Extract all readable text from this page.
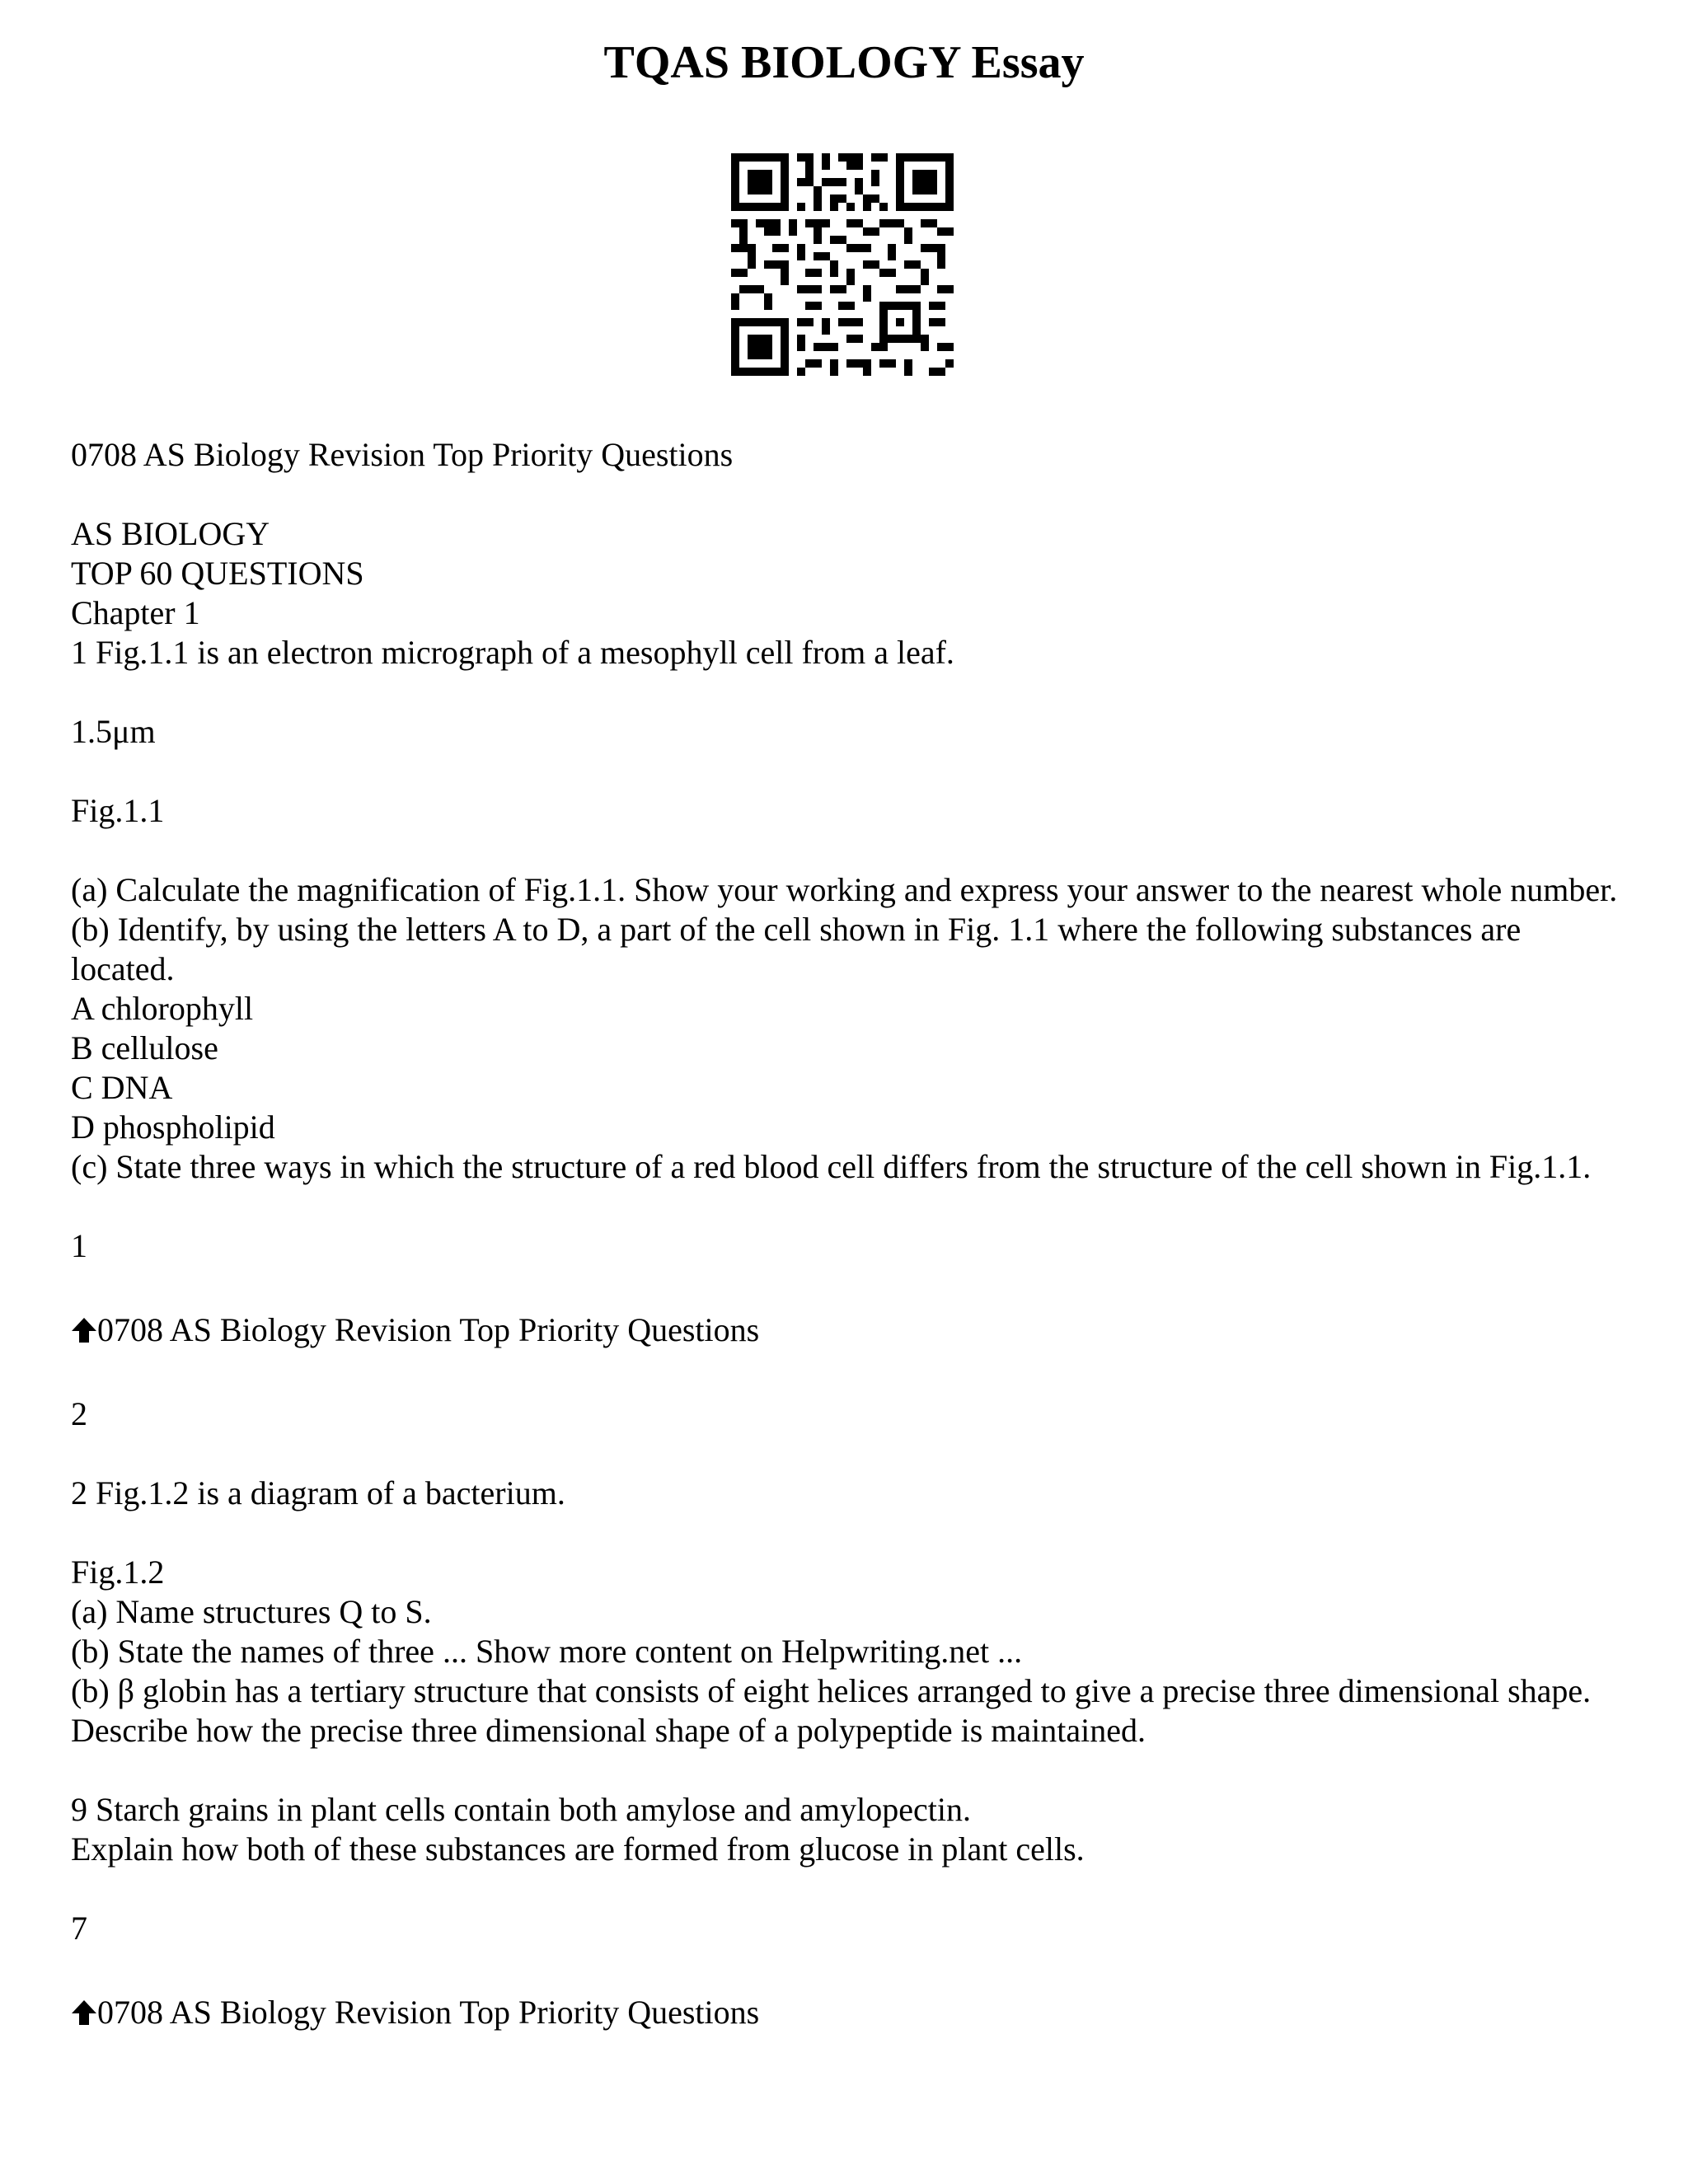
TQAS BIOLOGY Essay
0708 AS Biology Revision Top Priority Questions
AS BIOLOGY
TOP 60 QUESTIONS
Chapter 1
1 Fig.1.1 is an electron micrograph of a mesophyll cell from a leaf.
1.5μm
Fig.1.1
(a) Calculate the magnification of Fig.1.1. Show your working and express your answer to the nearest whole number.
(b) Identify, by using the letters A to D, a part of the cell shown in Fig. 1.1 where the following substances are located.
A chlorophyll
B cellulose
C DNA
D phospholipid
(c) State three ways in which the structure of a red blood cell differs from the structure of the cell shown in Fig.1.1.
1
0708 AS Biology Revision Top Priority Questions
2
2 Fig.1.2 is a diagram of a bacterium.
Fig.1.2
(a) Name structures Q to S.
(b) State the names of three ... Show more content on Helpwriting.net ...
(b) β globin has a tertiary structure that consists of eight helices arranged to give a precise three dimensional shape.
Describe how the precise three dimensional shape of a polypeptide is maintained.
9 Starch grains in plant cells contain both amylose and amylopectin.
Explain how both of these substances are formed from glucose in plant cells.
7
0708 AS Biology Revision Top Priority Questions
